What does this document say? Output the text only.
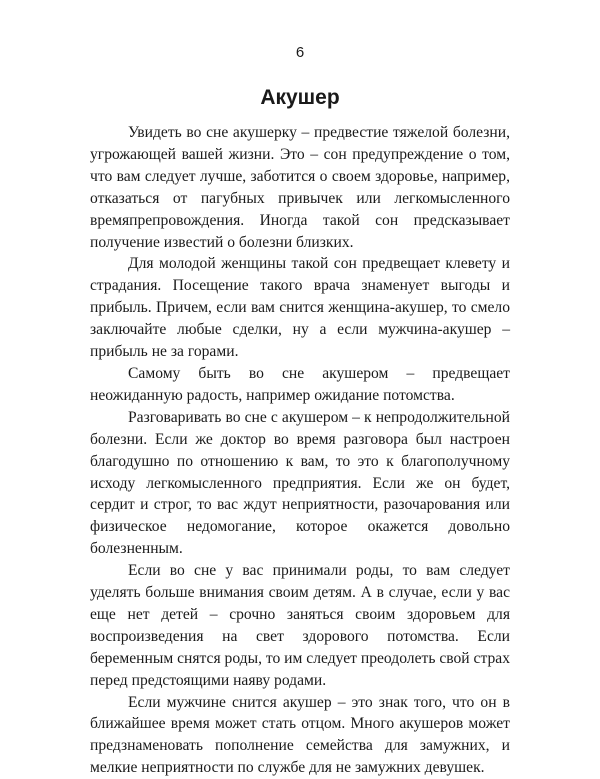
6
Акушер

Увидеть во сне акушерку – предвестие тяжелой болезни, угрожающей вашей жизни. Это – сон предупреждение о том, что вам следует лучше, заботится о своем здоровье, например, отказаться от пагубных привычек или легкомысленного времяпрепровождения. Иногда такой сон предсказывает получение известий о болезни близких.

Для молодой женщины такой сон предвещает клевету и страдания. Посещение такого врача знаменует выгоды и прибыль. Причем, если вам снится женщина-акушер, то смело заключайте любые сделки, ну а если мужчина-акушер – прибыль не за горами.

Самому быть во сне акушером – предвещает неожиданную радость, например ожидание потомства.

Разговаривать во сне с акушером – к непродолжительной болезни. Если же доктор во время разговора был настроен благодушно по отношению к вам, то это к благополучному исходу легкомысленного предприятия. Если же он будет, сердит и строг, то вас ждут неприятности, разочарования или физическое недомогание, которое окажется довольно болезненным.

Если во сне у вас принимали роды, то вам следует уделять больше внимания своим детям. А в случае, если у вас еще нет детей – срочно заняться своим здоровьем для воспроизведения на свет здорового потомства. Если беременным снятся роды, то им следует преодолеть свой страх перед предстоящими наяву родами.

Если мужчине снится акушер – это знак того, что он в ближайшее время может стать отцом. Много акушеров может предзнаменовать пополнение семейства для замужних, и мелкие неприятности по службе для не замужних девушек.
